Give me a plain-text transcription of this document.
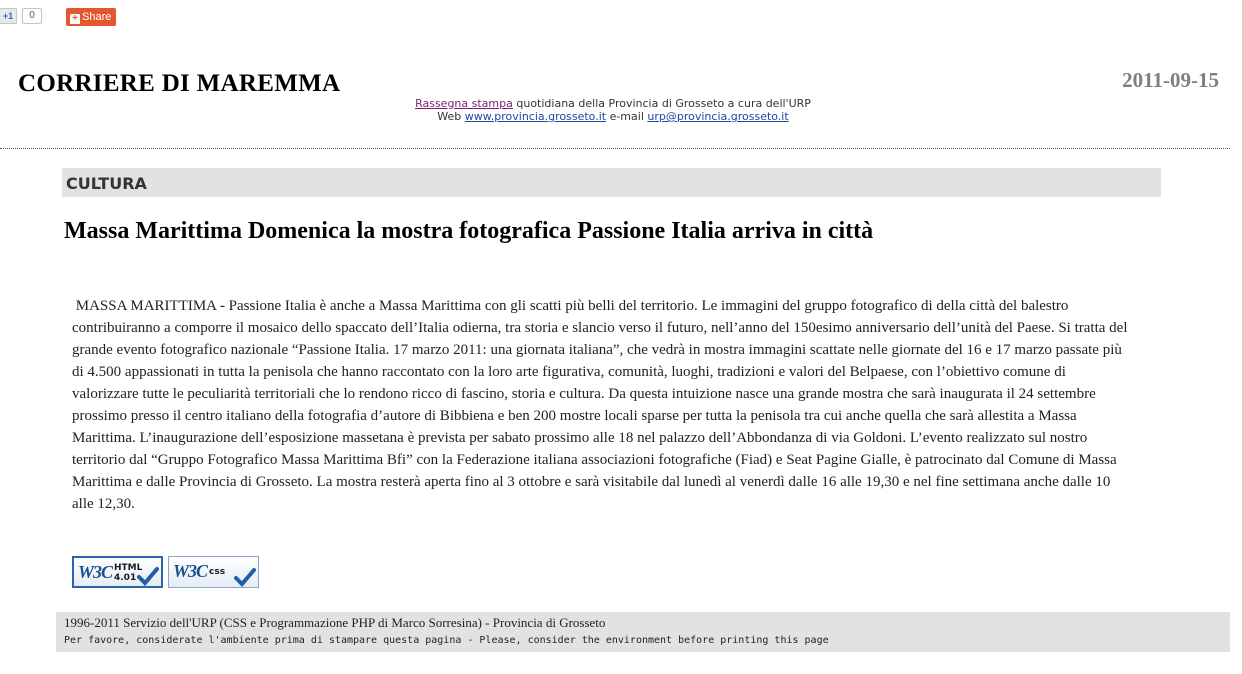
+1	0	+ Share
CORRIERE DI MAREMMA	2011-09-15
Rassegna stampa quotidiana della Provincia di Grosseto a cura dell'URP
Web www.provincia.grosseto.it e-mail urp@provincia.grosseto.it
CULTURA
Massa Marittima Domenica la mostra fotografica Passione Italia arriva in città
MASSA MARITTIMA - Passione Italia è anche a Massa Marittima con gli scatti più belli del territorio. Le immagini del gruppo fotografico di della città del balestro contribuiranno a comporre il mosaico dello spaccato dell’Italia odierna, tra storia e slancio verso il futuro, nell’anno del 150esimo anniversario dell’unità del Paese. Si tratta del grande evento fotografico nazionale “Passione Italia. 17 marzo 2011: una giornata italiana”, che vedrà in mostra immagini scattate nelle giornate del 16 e 17 marzo passate più di 4.500 appassionati in tutta la penisola che hanno raccontato con la loro arte figurativa, comunità, luoghi, tradizioni e valori del Belpaese, con l’obiettivo comune di valorizzare tutte le peculiarità territoriali che lo rendono ricco di fascino, storia e cultura. Da questa intuizione nasce una grande mostra che sarà inaugurata il 24 settembre prossimo presso il centro italiano della fotografia d’autore di Bibbiena e ben 200 mostre locali sparse per tutta la penisola tra cui anche quella che sarà allestita a Massa Marittima. L’inaugurazione dell’esposizione massetana è prevista per sabato prossimo alle 18 nel palazzo dell’Abbondanza di via Goldoni. L’evento realizzato sul nostro territorio dal “Gruppo Fotografico Massa Marittima Bfi” con la Federazione italiana associazioni fotografiche (Fiad) e Seat Pagine Gialle, è patrocinato dal Comune di Massa Marittima e dalle Provincia di Grosseto. La mostra resterà aperta fino al 3 ottobre e sarà visitabile dal lunedì al venerdì dalle 16 alle 19,30 e nel fine settimana anche dalle 10 alle 12,30.
W3C HTML
4.01	W3C css
1996-2011 Servizio dell'URP (CSS e Programmazione PHP di Marco Sorresina) - Provincia di Grosseto
Per favore, considerate l'ambiente prima di stampare questa pagina - Please, consider the environment before printing this page
